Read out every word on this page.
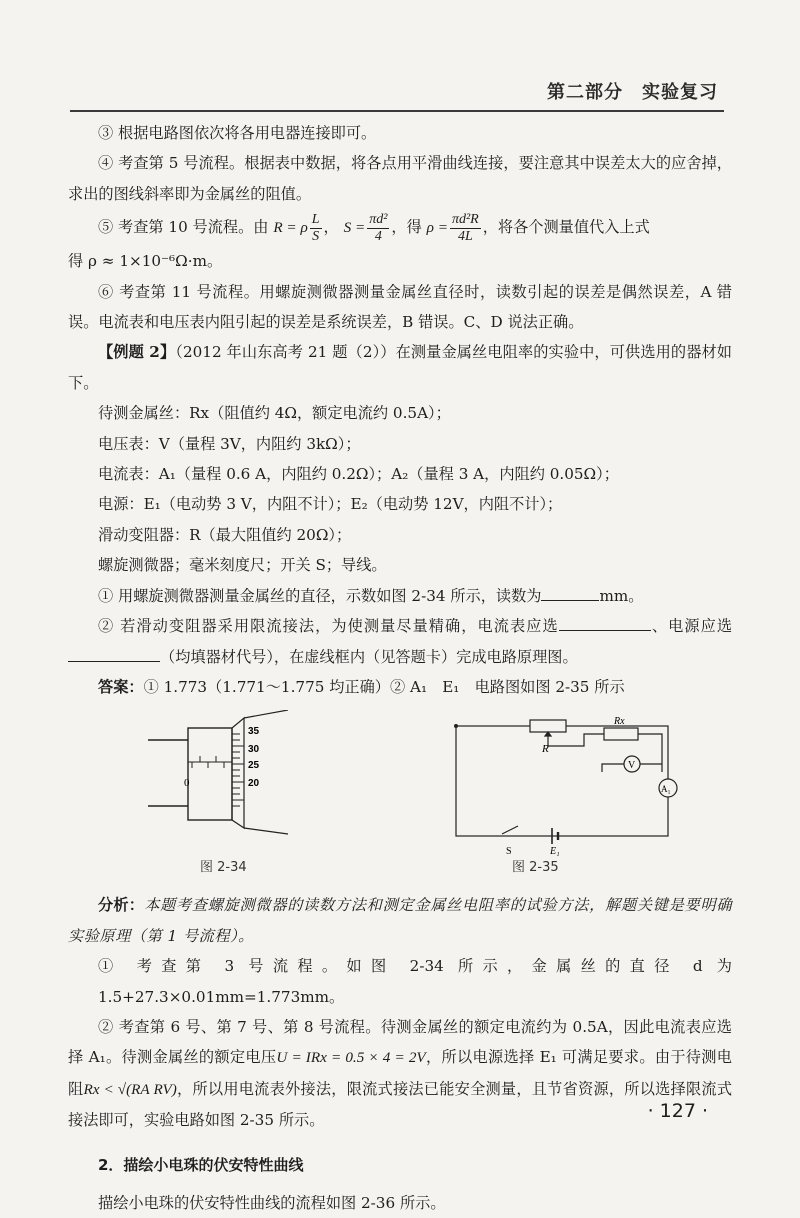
第二部分　实验复习

③ 根据电路图依次将各用电器连接即可。

④ 考查第 5 号流程。根据表中数据，将各点用平滑曲线连接，要注意其中误差太大的应舍掉，求出的图线斜率即为金属丝的阻值。

⑤ 考查第 10 号流程。由 R = ρ $\frac{L}{S}$ ， $S = \frac{\text{πd²}}{4}$ ，得 $\rho = \frac{\text{πd²R}}{4L}$ ，将各个测量值代入上式

得 ρ ≈ 1×10⁻⁶Ω·m。

⑥ 考查第 11 号流程。用螺旋测微器测量金属丝直径时，读数引起的误差是偶然误差，A 错误。电流表和电压表内阻引起的误差是系统误差，B 错误。C、D 说法正确。

【例题 2】（2012 年山东高考 21 题（2））在测量金属丝电阻率的实验中，可供选用的器材如下。

待测金属丝：Rx（阻值约 4Ω，额定电流约 0.5A）；

电压表：V（量程 3V，内阻约 3kΩ）；

电流表：A₁（量程 0.6 A，内阻约 0.2Ω）；A₂（量程 3 A，内阻约 0.05Ω）；

电源：E₁（电动势 3 V，内阻不计）；E₂（电动势 12V，内阻不计）；

滑动变阻器：R（最大阻值约 20Ω）；

螺旋测微器；毫米刻度尺；开关 S；导线。

① 用螺旋测微器测量金属丝的直径，示数如图 2-34 所示，读数为	mm。

② 若滑动变阻器采用限流接法，为使测量尽量精确，电流表应选	、电源应选（均填器材代号），在虚线框内（见答题卡）完成电路原理图。

答案：① 1.773（1.771～1.775 均正确）② A₁　E₁　电路图如图 2-35 所示

0
35
30
25
20
图 2-34
R
Rx
V
A₁
S	E₁
图 2-35

分析：本题考查螺旋测微器的读数方法和测定金属丝电阻率的试验方法，解题关键是要明确实验原理（第 1 号流程）。

① 考查第 3 号流程。如图 2-34 所示，金属丝的直径 d 为 1.5+27.3×0.01mm=1.773mm。

② 考查第 6 号、第 7 号、第 8 号流程。待测金属丝的额定电流约为 0.5A，因此电流表应选择 A₁。待测金属丝的额定电压U = IRx = 0.5 × 4 = 2V，所以电源选择 E₁ 可满足要求。由于待测电阻Rx < √(RA RV)，所以用电流表外接法，限流式接法已能安全测量，且节省资源，所以选择限流式接法即可，实验电路如图 2-35 所示。

2．描绘小电珠的伏安特性曲线

描绘小电珠的伏安特性曲线的流程如图 2-36 所示。

· 127 ·
